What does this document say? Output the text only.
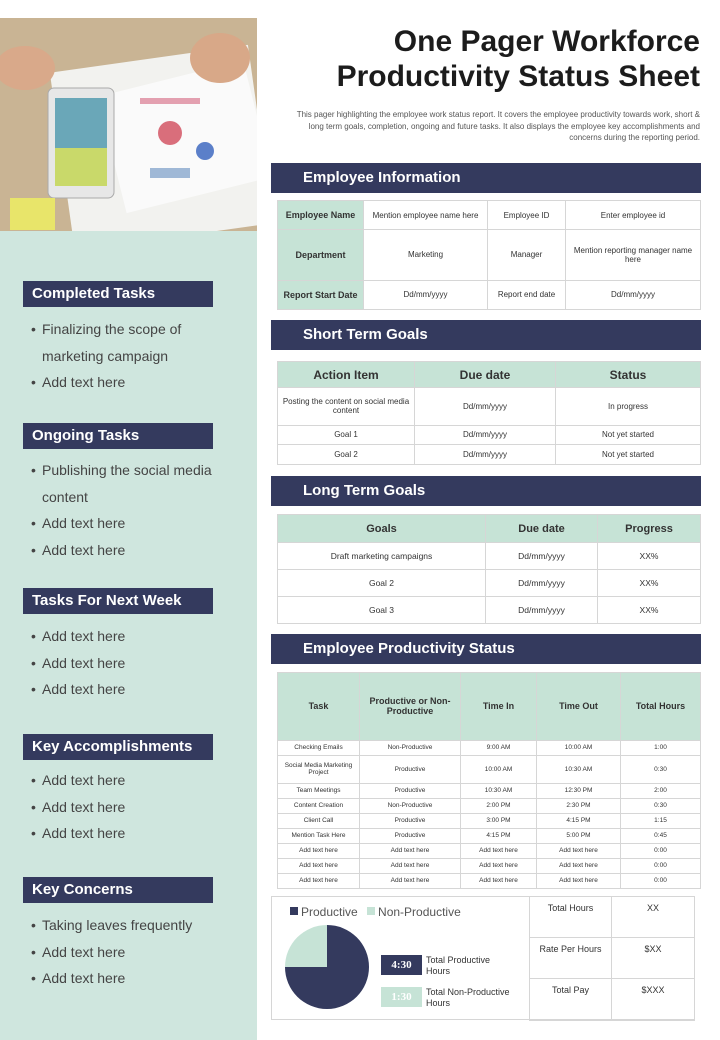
Completed Tasks
• Finalizing the scope of marketing campaign
• Add text here
Ongoing Tasks
• Publishing the social media content
• Add text here
• Add text here
Tasks For Next Week
• Add text here
• Add text here
• Add text here
Key Accomplishments
• Add text here
• Add text here
• Add text here
Key Concerns
• Taking leaves frequently
• Add text here
• Add text here
One Pager Workforce Productivity Status Sheet
This pager highlighting the employee work status report. It covers the employee productivity towards work, short & long term goals, completion, ongoing and future tasks. It also displays the employee key accomplishments and concerns during the reporting period.
Employee Information
Employee Name	Mention employee name here	Employee ID	Enter employee id
Department	Marketing	Manager	Mention reporting manager name here
Report Start Date	Dd/mm/yyyy	Report end date	Dd/mm/yyyy
Short Term Goals
Action Item	Due date	Status
Posting the content on social media content	Dd/mm/yyyy	In progress
Goal 1	Dd/mm/yyyy	Not yet started
Goal 2	Dd/mm/yyyy	Not yet started
Long Term Goals
Goals	Due date	Progress
Draft marketing campaigns	Dd/mm/yyyy	XX%
Goal 2	Dd/mm/yyyy	XX%
Goal 3	Dd/mm/yyyy	XX%
Employee Productivity Status
Task	Productive or Non-Productive	Time In	Time Out	Total Hours
Checking Emails	Non-Productive	9:00 AM	10:00 AM	1:00
Social Media Marketing Project	Productive	10:00 AM	10:30 AM	0:30
Team Meetings	Productive	10:30 AM	12:30 PM	2:00
Content Creation	Non-Productive	2:00 PM	2:30 PM	0:30
Client Call	Productive	3:00 PM	4:15 PM	1:15
Mention Task Here	Productive	4:15 PM	5:00 PM	0:45
Add text here	Add text here	Add text here	Add text here	0:00
Add text here	Add text here	Add text here	Add text here	0:00
Add text here	Add text here	Add text here	Add text here	0:00
Productive Non-Productive
4:30	Total Productive Hours
1:30	Total Non-Productive Hours
Total Hours	XX
Rate Per Hours	$XX
Total Pay	$XXX
